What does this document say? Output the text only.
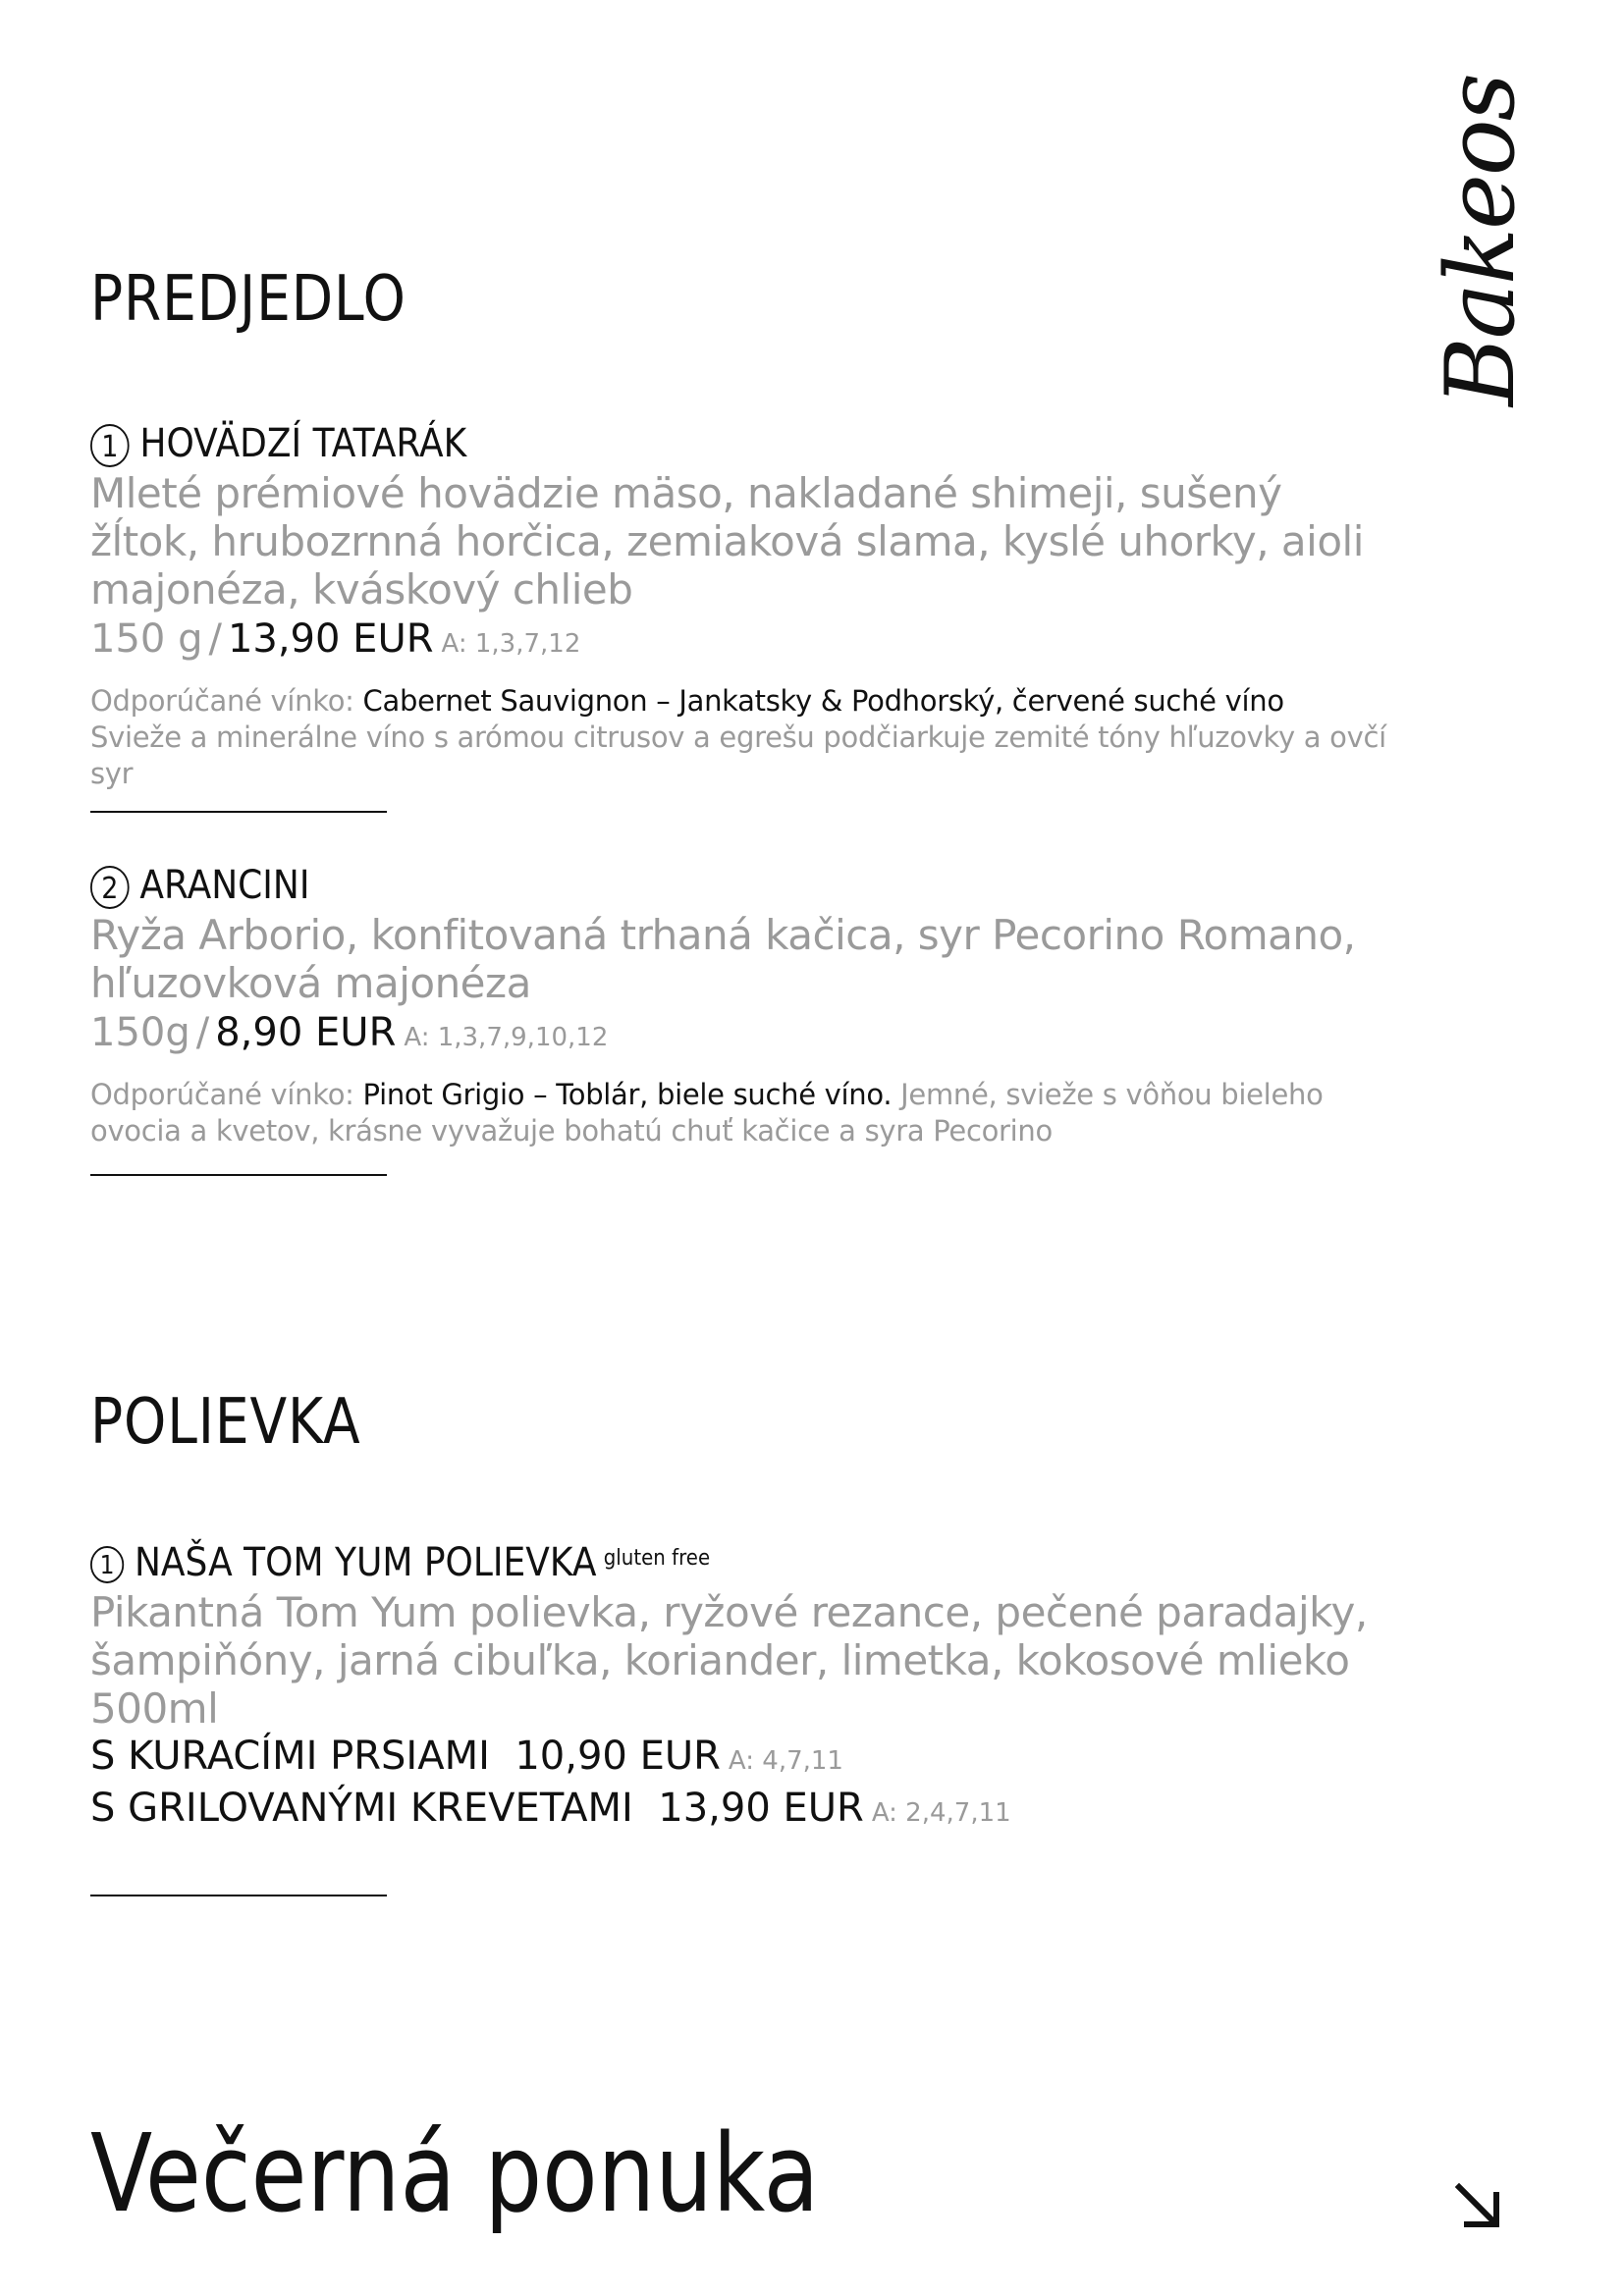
Bakeos
PREDJEDLO
1 HOVÄDZÍ TATARÁK
Mleté prémiové hovädzie mäso, nakladané shimeji, sušený žĺtok, hrubozrnná horčica, zemiaková slama, kyslé uhorky, aioli majonéza, kváskový chlieb
150 g / 13,90 EUR A: 1,3,7,12
Odporúčané vínko: Cabernet Sauvignon – Jankatsky & Podhorský, červené suché víno
Svieže a minerálne víno s arómou citrusov a egrešu podčiarkuje zemité tóny hľuzovky a ovčí syr
2 ARANCINI
Ryža Arborio, konfitovaná trhaná kačica, syr Pecorino Romano, hľuzovková majonéza
150g / 8,90 EUR A: 1,3,7,9,10,12
Odporúčané vínko: Pinot Grigio – Toblár, biele suché víno. Jemné, svieže s vôňou bieleho ovocia a kvetov, krásne vyvažuje bohatú chuť kačice a syra Pecorino
POLIEVKA
1 NAŠA TOM YUM POLIEVKA $^{gluten free}$
Pikantná Tom Yum polievka, ryžové rezance, pečené paradajky, šampiňóny, jarná cibuľka, koriander, limetka, kokosové mlieko
500ml
S KURACÍMI PRSIAMI 10,90 EUR A: 4,7,11
S GRILOVANÝMI KREVETAMI 13,90 EUR A: 2,4,7,11
Večerná ponuka
